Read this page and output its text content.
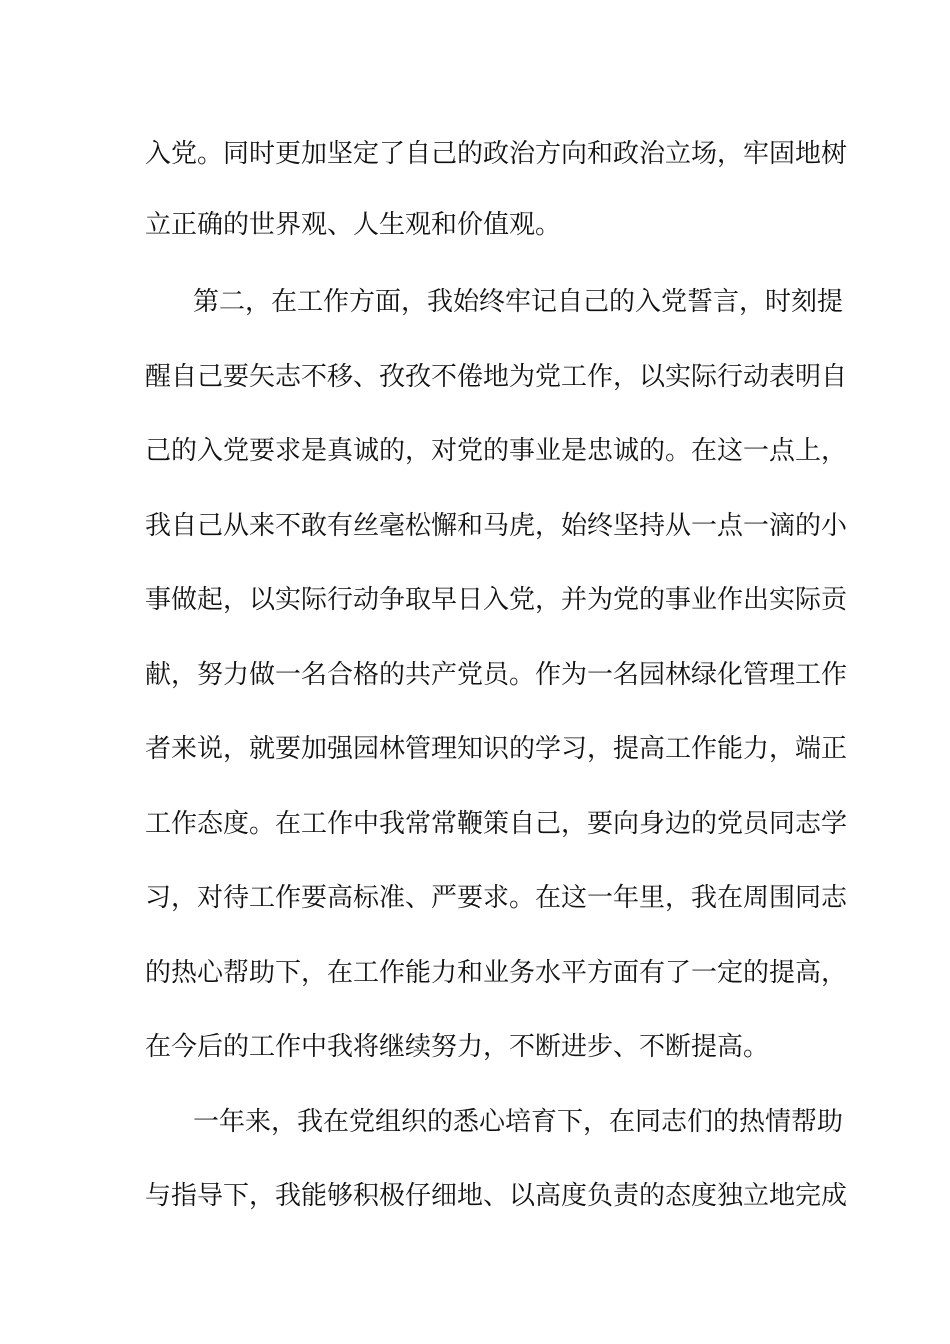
入党。同时更加坚定了自己的政治方向和政治立场，牢固地树
立正确的世界观、人生观和价值观。
第二，在工作方面，我始终牢记自己的入党誓言，时刻提
醒自己要矢志不移、孜孜不倦地为党工作，以实际行动表明自
己的入党要求是真诚的，对党的事业是忠诚的。在这一点上，
我自己从来不敢有丝毫松懈和马虎，始终坚持从一点一滴的小
事做起，以实际行动争取早日入党，并为党的事业作出实际贡
献，努力做一名合格的共产党员。作为一名园林绿化管理工作
者来说，就要加强园林管理知识的学习，提高工作能力，端正
工作态度。在工作中我常常鞭策自己，要向身边的党员同志学
习，对待工作要高标准、严要求。在这一年里，我在周围同志
的热心帮助下，在工作能力和业务水平方面有了一定的提高，
在今后的工作中我将继续努力，不断进步、不断提高。
一年来，我在党组织的悉心培育下，在同志们的热情帮助
与指导下，我能够积极仔细地、以高度负责的态度独立地完成
